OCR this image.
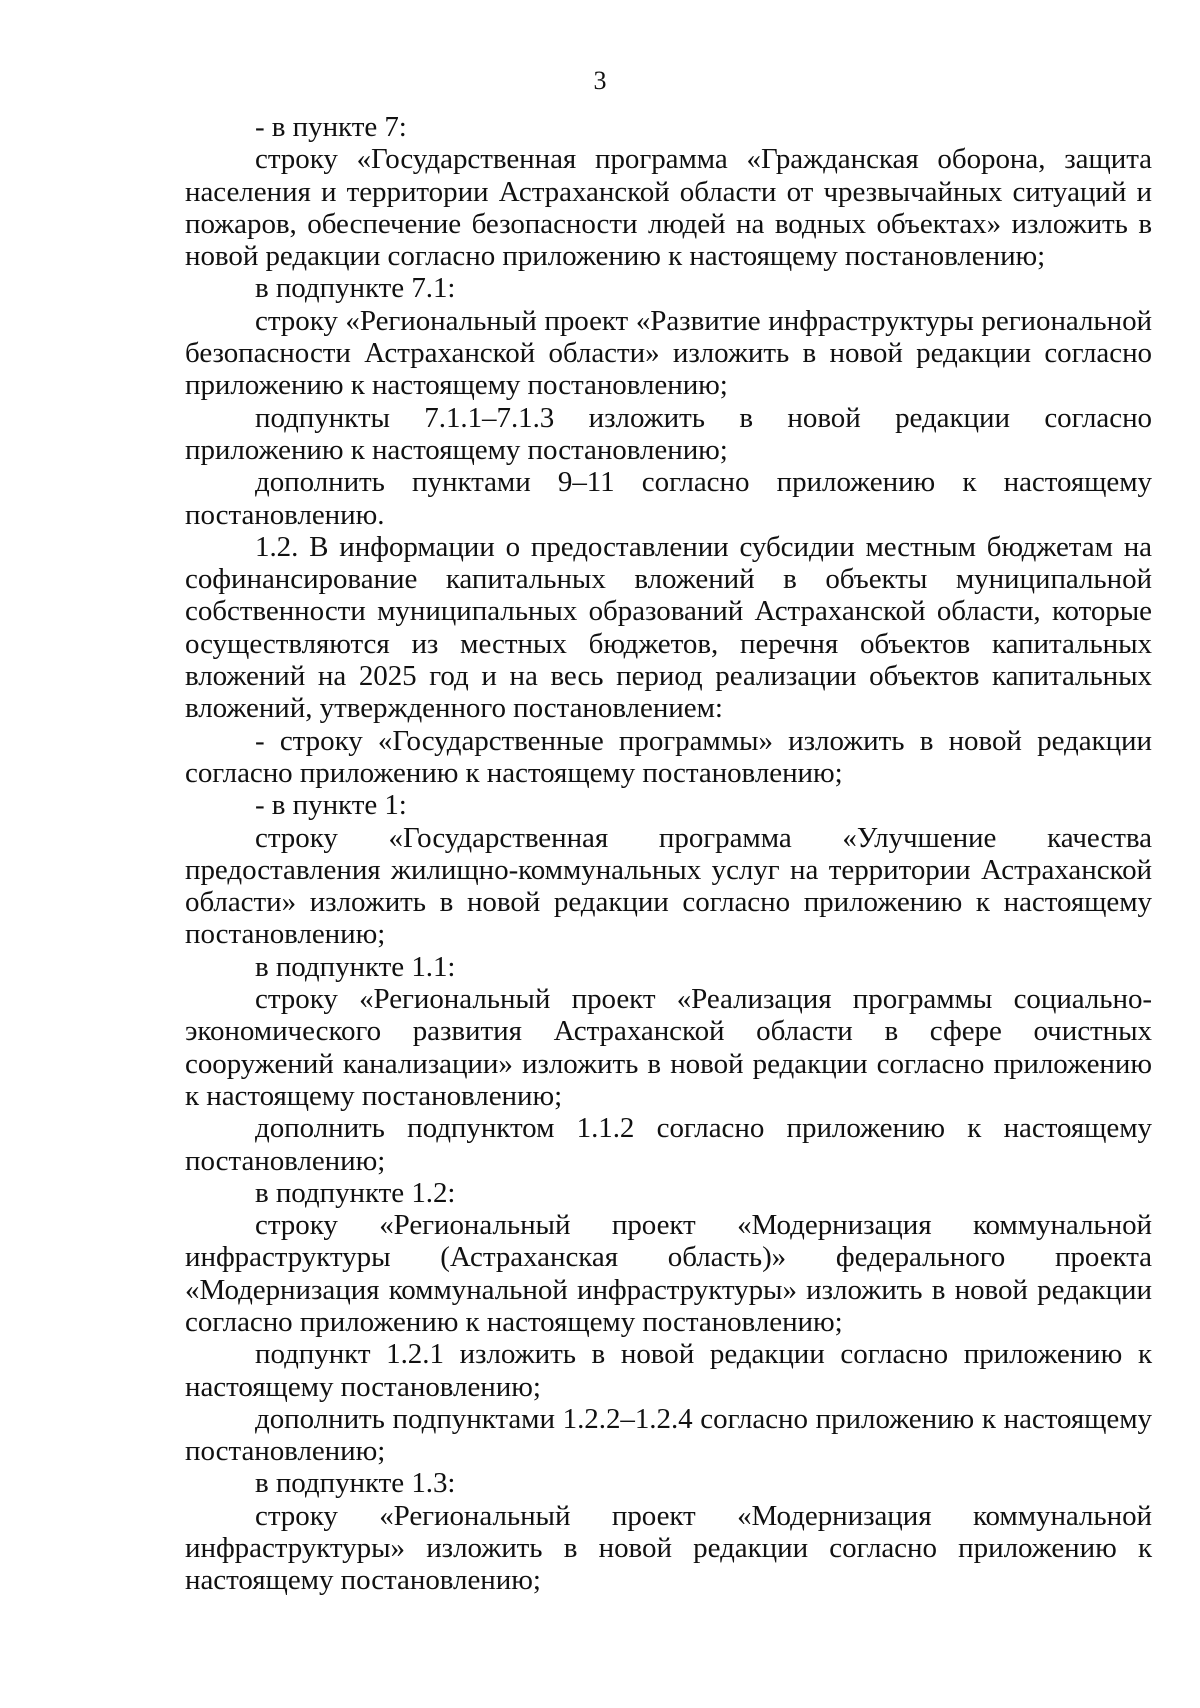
3

- в пункте 7:

строку «Государственная программа «Гражданская оборона, защита населения и территории Астраханской области от чрезвычайных ситуаций и пожаров, обеспечение безопасности людей на водных объектах» изложить в новой редакции согласно приложению к настоящему постановлению;

в подпункте 7.1:

строку «Региональный проект «Развитие инфраструктуры региональной безопасности Астраханской области» изложить в новой редакции согласно приложению к настоящему постановлению;

подпункты 7.1.1–7.1.3 изложить в новой редакции согласно приложению к настоящему постановлению;

дополнить пунктами 9–11 согласно приложению к настоящему постановлению.

1.2. В информации о предоставлении субсидии местным бюджетам на софинансирование капитальных вложений в объекты муниципальной собственности муниципальных образований Астраханской области, которые осуществляются из местных бюджетов, перечня объектов капитальных вложений на 2025 год и на весь период реализации объектов капитальных вложений, утвержденного постановлением:

- строку «Государственные программы» изложить в новой редакции согласно приложению к настоящему постановлению;

- в пункте 1:

строку «Государственная программа «Улучшение качества предоставления жилищно-коммунальных услуг на территории Астраханской области» изложить в новой редакции согласно приложению к настоящему постановлению;

в подпункте 1.1:

строку «Региональный проект «Реализация программы социально-экономического развития Астраханской области в сфере очистных сооружений канализации» изложить в новой редакции согласно приложению к настоящему постановлению;

дополнить подпунктом 1.1.2 согласно приложению к настоящему постановлению;

в подпункте 1.2:

строку «Региональный проект «Модернизация коммунальной инфраструктуры (Астраханская область)» федерального проекта «Модернизация коммунальной инфраструктуры» изложить в новой редакции согласно приложению к настоящему постановлению;

подпункт 1.2.1 изложить в новой редакции согласно приложению к настоящему постановлению;

дополнить подпунктами 1.2.2–1.2.4 согласно приложению к настоящему постановлению;

в подпункте 1.3:

строку «Региональный проект «Модернизация коммунальной инфраструктуры» изложить в новой редакции согласно приложению к настоящему постановлению;
